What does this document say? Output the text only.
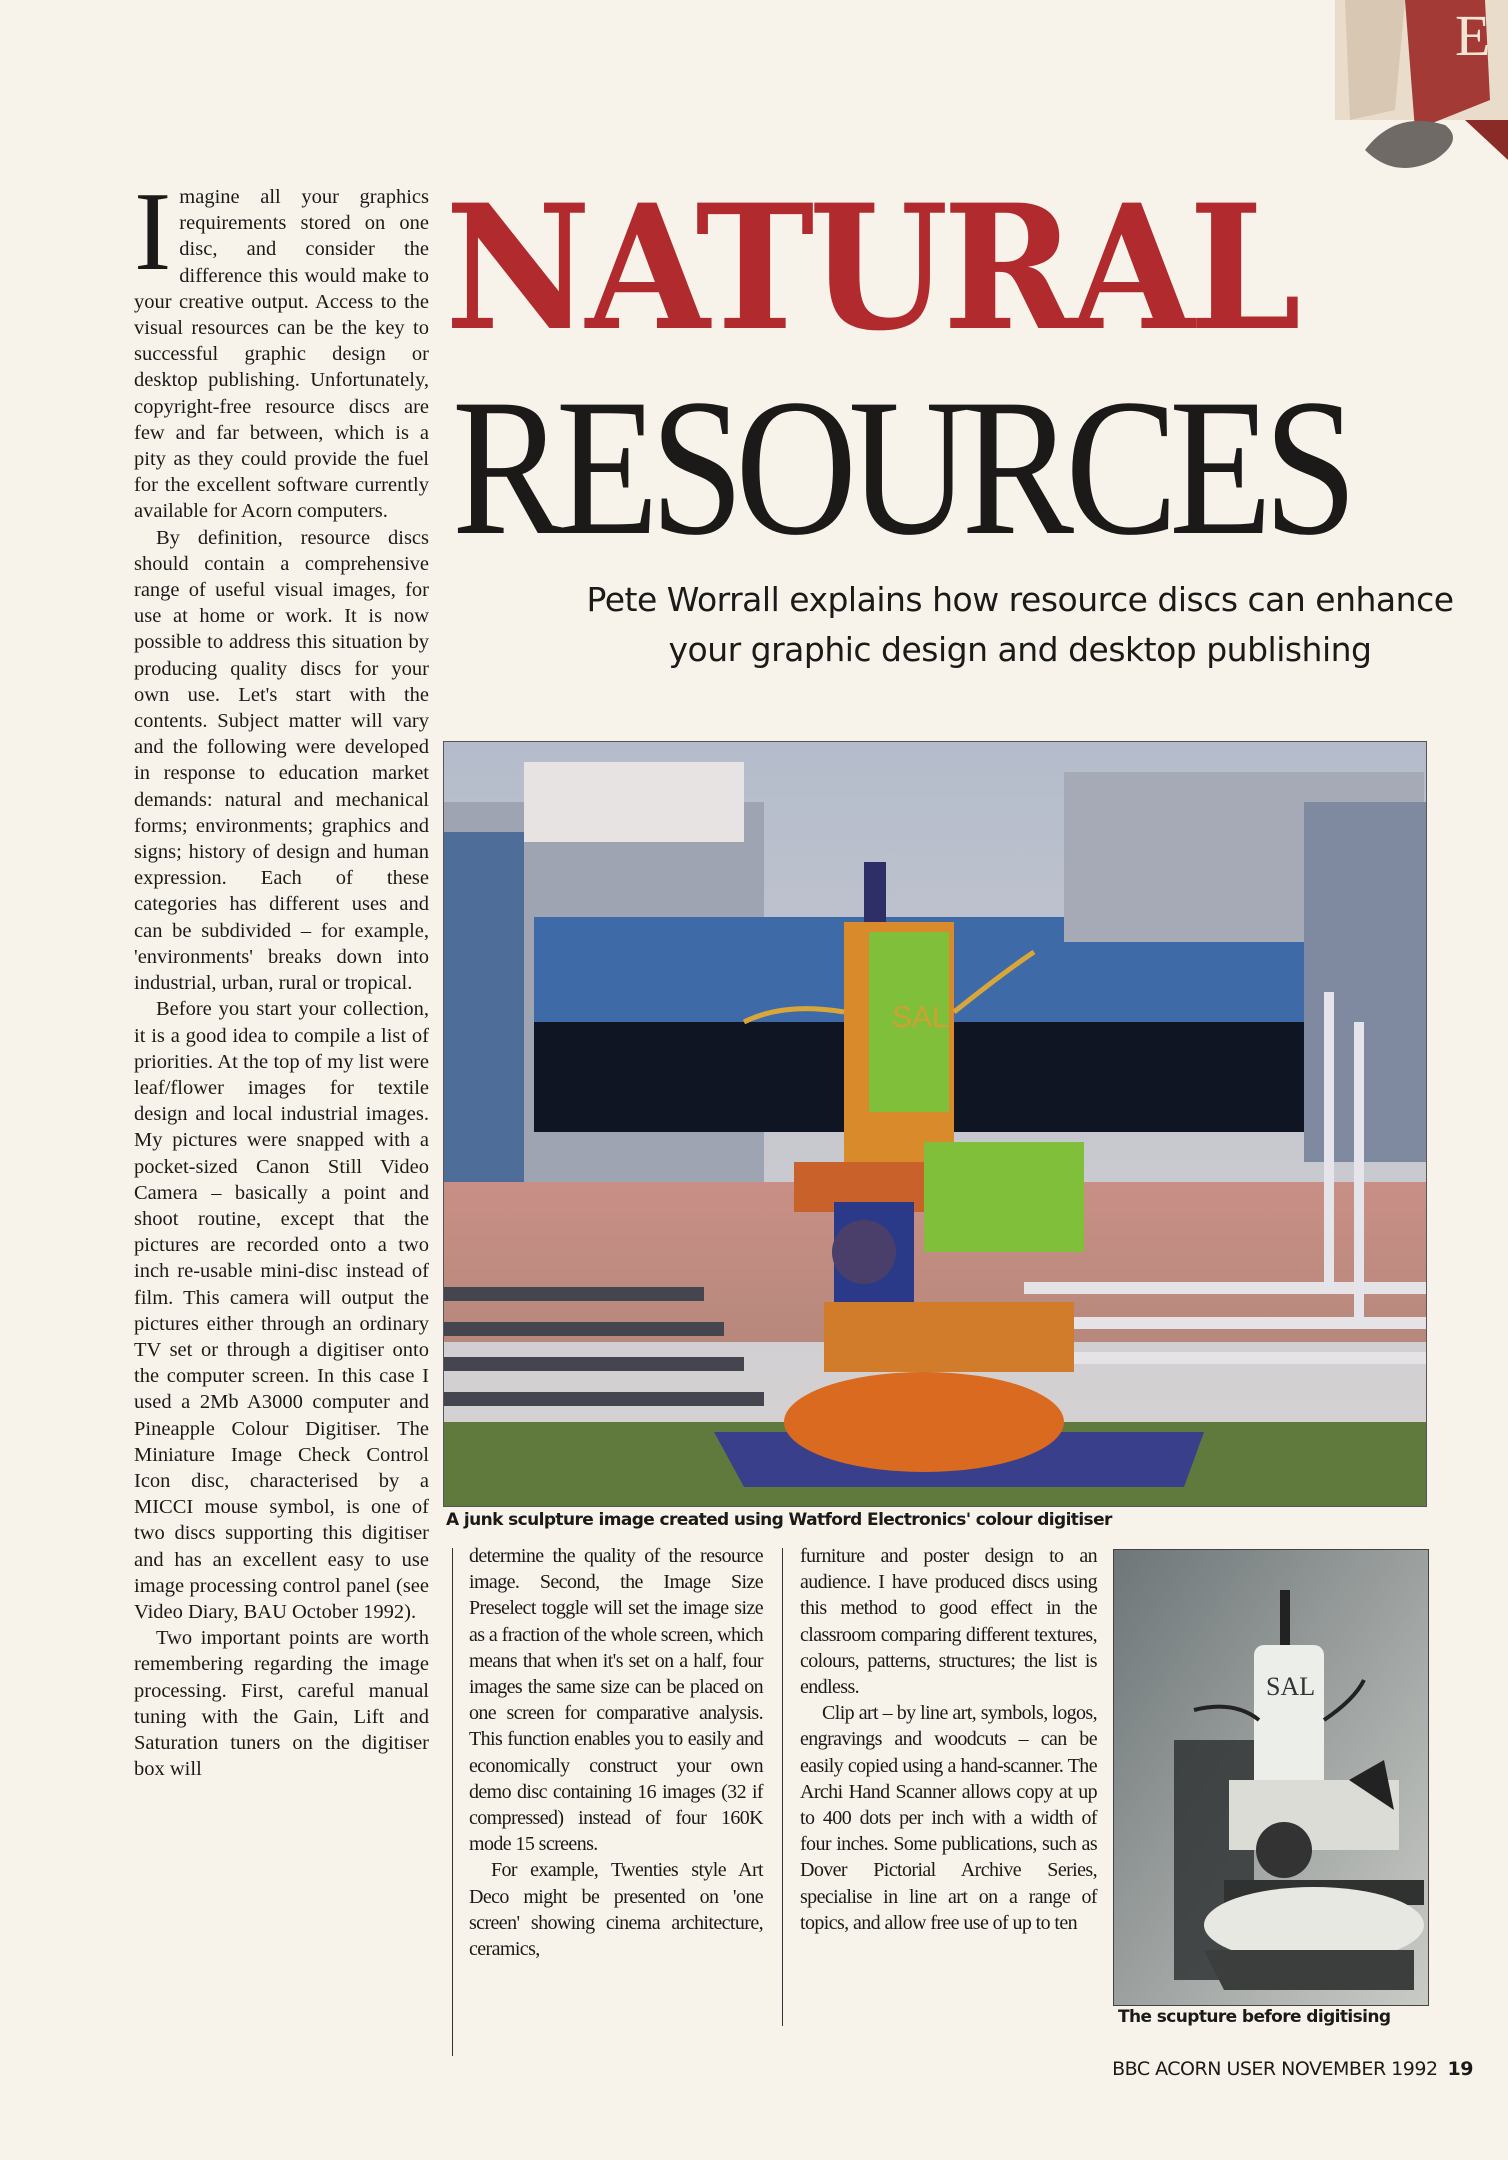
E
I magine all your graphics requirements stored on one disc, and consider the difference this would make to your creative output. Access to the visual resources can be the key to successful graphic design or desktop publishing. Unfortunately, copyright-free resource discs are few and far between, which is a pity as they could provide the fuel for the excellent software currently available for Acorn computers.

By definition, resource discs should contain a comprehensive range of useful visual images, for use at home or work. It is now possible to address this situation by producing quality discs for your own use. Let's start with the contents. Subject matter will vary and the following were developed in response to education market demands: natural and mechanical forms; environments; graphics and signs; history of design and human expression. Each of these categories has different uses and can be subdivided – for example, 'environments' breaks down into industrial, urban, rural or tropical.

Before you start your collection, it is a good idea to compile a list of priorities. At the top of my list were leaf/flower images for textile design and local industrial images. My pictures were snapped with a pocket-sized Canon Still Video Camera – basically a point and shoot routine, except that the pictures are recorded onto a two inch re-usable mini-disc instead of film. This camera will output the pictures either through an ordinary TV set or through a digitiser onto the computer screen. In this case I used a 2Mb A3000 computer and Pineapple Colour Digitiser. The Miniature Image Check Control Icon disc, characterised by a MICCI mouse symbol, is one of two discs supporting this digitiser and has an excellent easy to use image processing control panel (see Video Diary, BAU October 1992).

Two important points are worth remembering regarding the image processing. First, careful manual tuning with the Gain, Lift and Saturation tuners on the digitiser box will

NATURAL
RESOURCES
Pete Worrall explains how resource discs can enhance your graphic design and desktop publishing
SAL
A junk sculpture image created using Watford Electronics' colour digitiser

determine the quality of the resource image. Second, the Image Size Preselect toggle will set the image size as a fraction of the whole screen, which means that when it's set on a half, four images the same size can be placed on one screen for comparative analysis. This function enables you to easily and economically construct your own demo disc containing 16 images (32 if compressed) instead of four 160K mode 15 screens.

For example, Twenties style Art Deco might be presented on 'one screen' showing cinema architecture, ceramics,

furniture and poster design to an audience. I have produced discs using this method to good effect in the classroom comparing different textures, colours, patterns, structures; the list is endless.

Clip art – by line art, symbols, logos, engravings and woodcuts – can be easily copied using a hand-scanner. The Archi Hand Scanner allows copy at up to 400 dots per inch with a width of four inches. Some publications, such as Dover Pictorial Archive Series, specialise in line art on a range of topics, and allow free use of up to ten

SAL
The scupture before digitising
BBC ACORN USER NOVEMBER 1992 19
